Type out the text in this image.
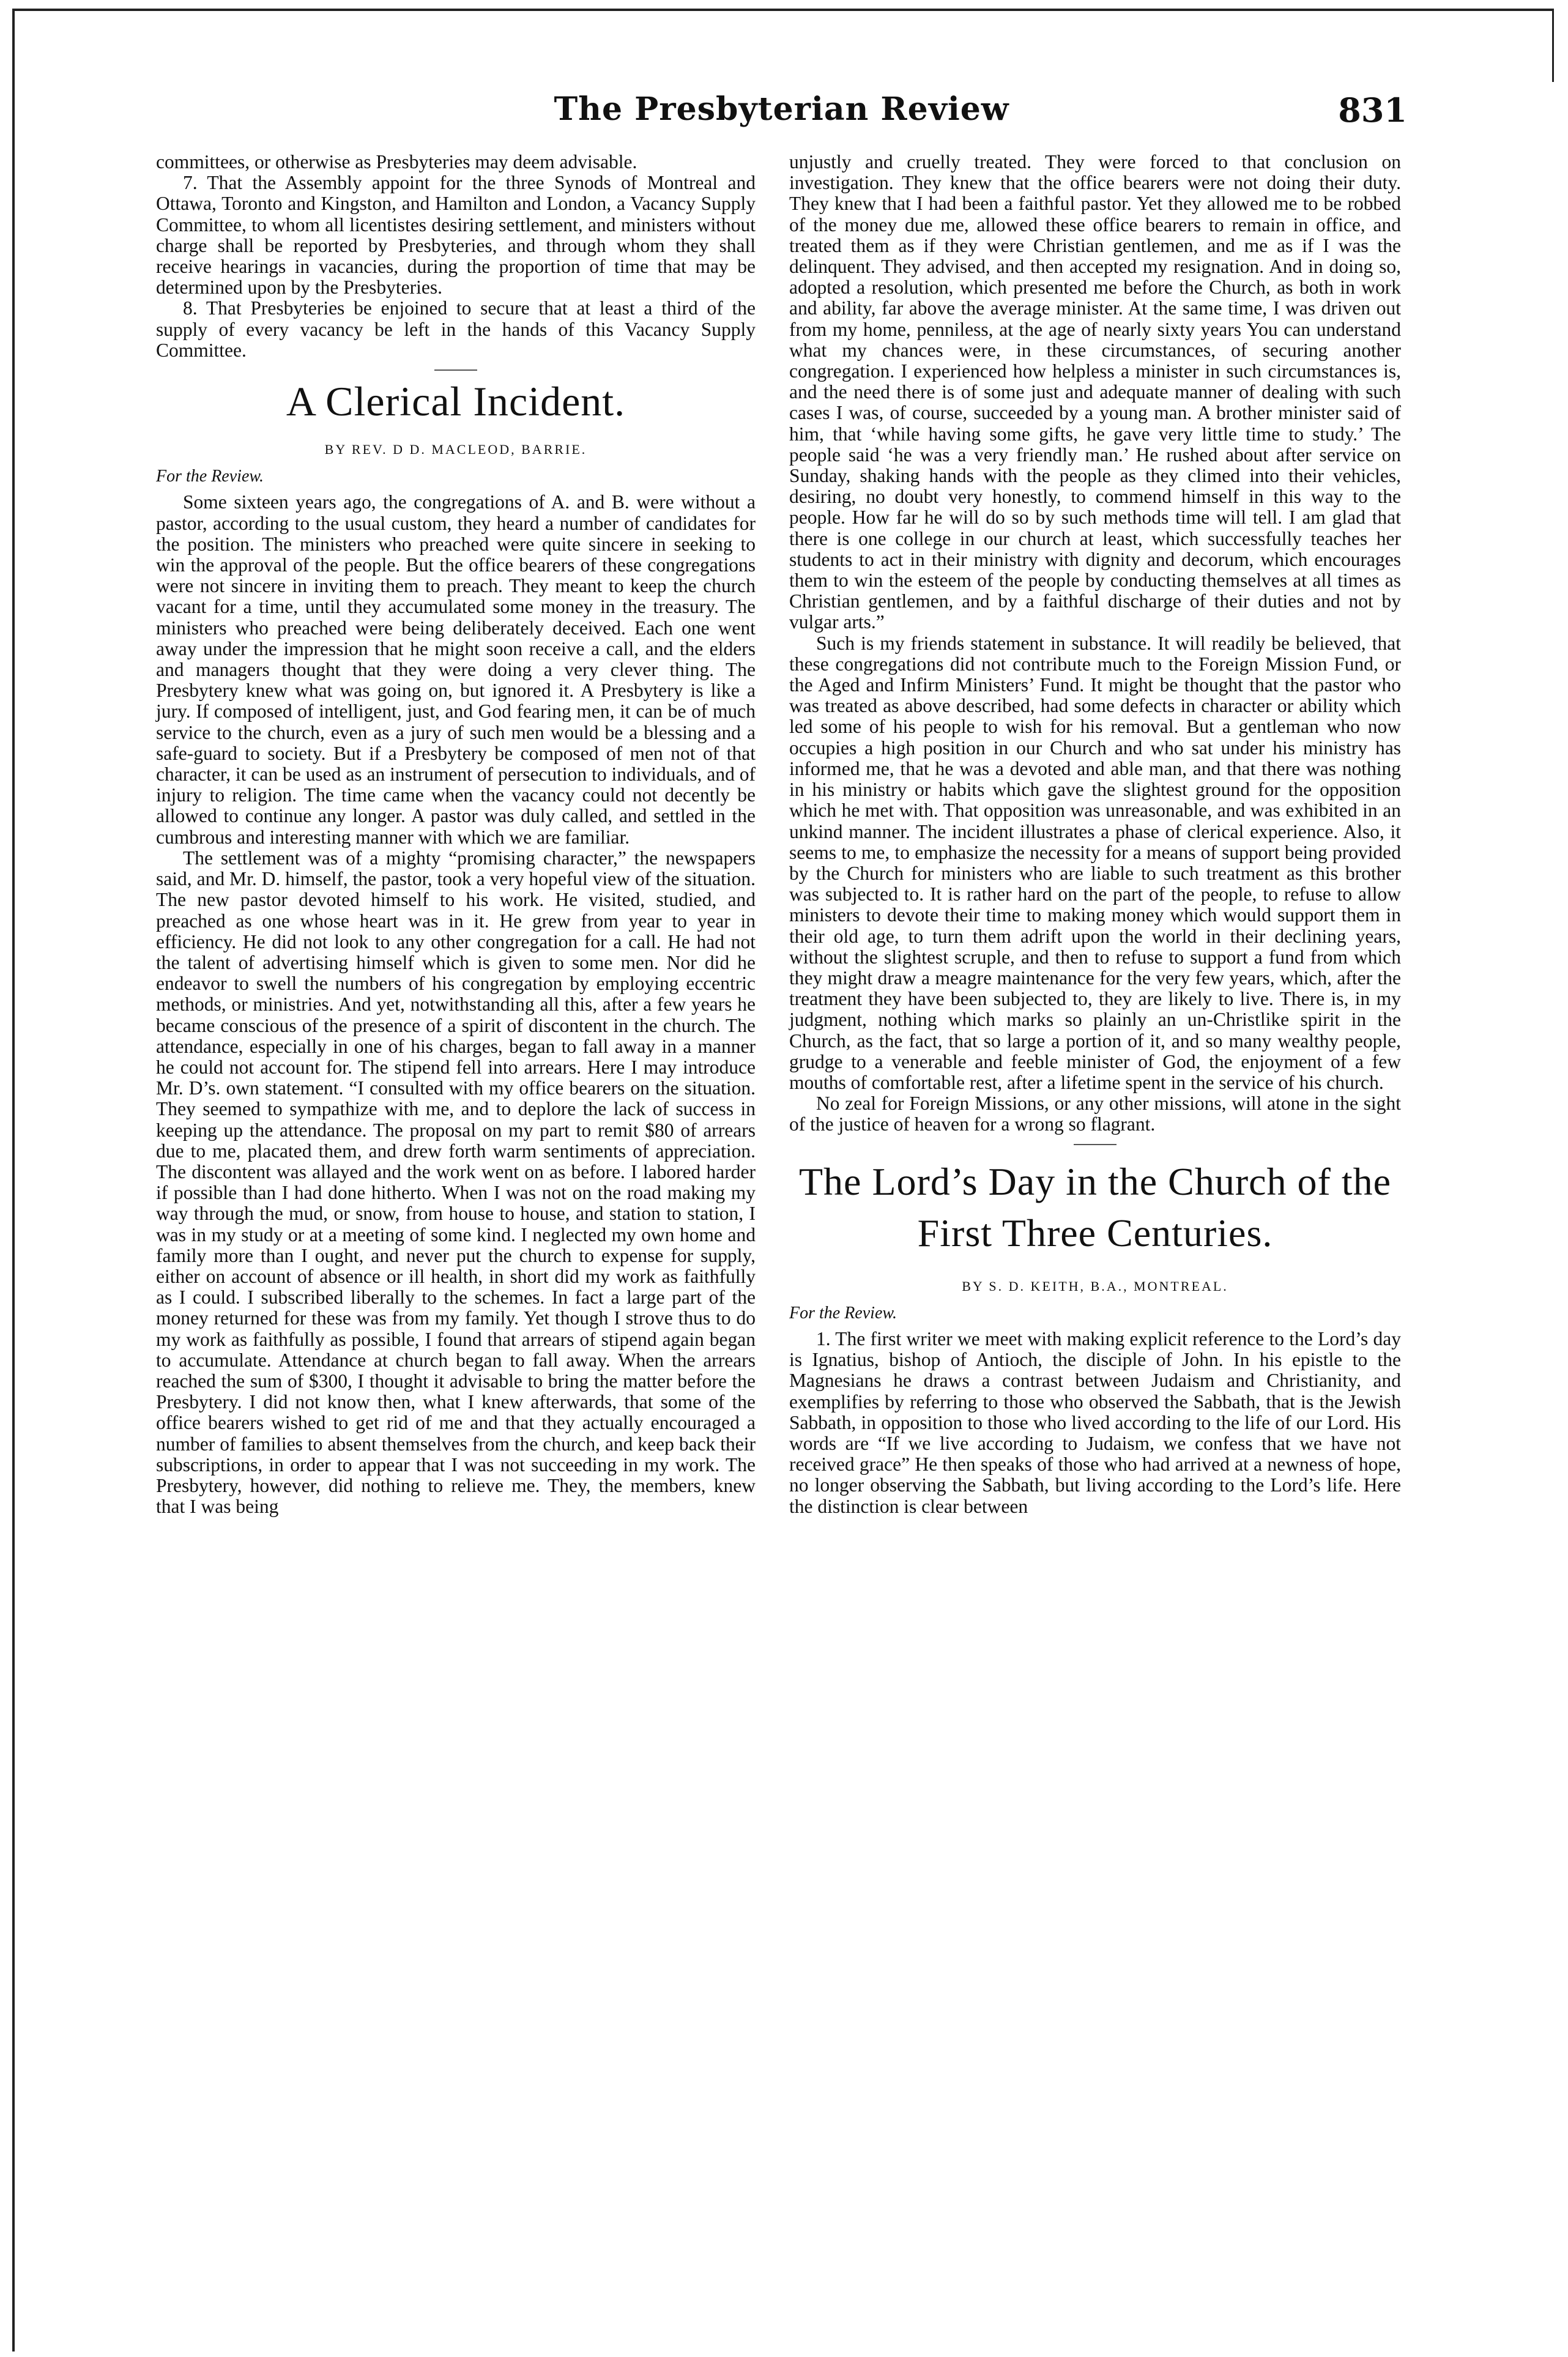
The Presbyterian Review	831

committees, or otherwise as Presbyteries may deem advisable.

7. That the Assembly appoint for the three Synods of Montreal and Ottawa, Toronto and Kingston, and Hamilton and London, a Vacancy Supply Committee, to whom all licentistes desiring settlement, and ministers without charge shall be reported by Presbyteries, and through whom they shall receive hearings in vacancies, during the proportion of time that may be determined upon by the Presbyteries.

8. That Presbyteries be enjoined to secure that at least a third of the supply of every vacancy be left in the hands of this Vacancy Supply Committee.

A Clerical Incident.
BY REV. D D. MACLEOD, BARRIE.
For the Review.

Some sixteen years ago, the congregations of A. and B. were without a pastor, according to the usual custom, they heard a number of candidates for the position. The ministers who preached were quite sincere in seeking to win the approval of the people. But the office bearers of these congregations were not sincere in inviting them to preach. They meant to keep the church vacant for a time, until they accumulated some money in the treasury. The ministers who preached were being deliberately deceived. Each one went away under the impression that he might soon receive a call, and the elders and managers thought that they were doing a very clever thing. The Presbytery knew what was going on, but ignored it. A Presbytery is like a jury. If composed of intelligent, just, and God fearing men, it can be of much service to the church, even as a jury of such men would be a blessing and a safe-guard to society. But if a Presbytery be composed of men not of that character, it can be used as an instrument of persecution to individuals, and of injury to religion. The time came when the vacancy could not decently be allowed to continue any longer. A pastor was duly called, and settled in the cumbrous and interesting manner with which we are familiar.

The settlement was of a mighty “promising character,” the newspapers said, and Mr. D. himself, the pastor, took a very hopeful view of the situation. The new pastor devoted himself to his work. He visited, studied, and preached as one whose heart was in it. He grew from year to year in efficiency. He did not look to any other congregation for a call. He had not the talent of advertising himself which is given to some men. Nor did he endeavor to swell the numbers of his congregation by employing eccentric methods, or ministries. And yet, notwithstanding all this, after a few years he became conscious of the presence of a spirit of discontent in the church. The attendance, especially in one of his charges, began to fall away in a manner he could not account for. The stipend fell into arrears. Here I may introduce Mr. D’s. own statement. “I consulted with my office bearers on the situation. They seemed to sympathize with me, and to deplore the lack of success in keeping up the attendance. The proposal on my part to remit $80 of arrears due to me, placated them, and drew forth warm sentiments of appreciation. The discontent was allayed and the work went on as before. I labored harder if possible than I had done hitherto. When I was not on the road making my way through the mud, or snow, from house to house, and station to station, I was in my study or at a meeting of some kind. I neglected my own home and family more than I ought, and never put the church to expense for supply, either on account of absence or ill health, in short did my work as faithfully as I could. I subscribed liberally to the schemes. In fact a large part of the money returned for these was from my family. Yet though I strove thus to do my work as faithfully as possible, I found that arrears of stipend again began to accumulate. Attendance at church began to fall away. When the arrears reached the sum of $300, I thought it advisable to bring the matter before the Presbytery. I did not know then, what I knew afterwards, that some of the office bearers wished to get rid of me and that they actually encouraged a number of families to absent themselves from the church, and keep back their subscriptions, in order to appear that I was not succeeding in my work. The Presbytery, however, did nothing to relieve me. They, the members, knew that I was being

unjustly and cruelly treated. They were forced to that conclusion on investigation. They knew that the office bearers were not doing their duty. They knew that I had been a faithful pastor. Yet they allowed me to be robbed of the money due me, allowed these office bearers to remain in office, and treated them as if they were Christian gentlemen, and me as if I was the delinquent. They advised, and then accepted my resignation. And in doing so, adopted a resolution, which presented me before the Church, as both in work and ability, far above the average minister. At the same time, I was driven out from my home, penniless, at the age of nearly sixty years You can understand what my chances were, in these circumstances, of securing another congregation. I experienced how helpless a minister in such circumstances is, and the need there is of some just and adequate manner of dealing with such cases I was, of course, succeeded by a young man. A brother minister said of him, that ‘while having some gifts, he gave very little time to study.’ The people said ‘he was a very friendly man.’ He rushed about after service on Sunday, shaking hands with the people as they climed into their vehicles, desiring, no doubt very honestly, to commend himself in this way to the people. How far he will do so by such methods time will tell. I am glad that there is one college in our church at least, which successfully teaches her students to act in their ministry with dignity and decorum, which encourages them to win the esteem of the people by conducting themselves at all times as Christian gentlemen, and by a faithful discharge of their duties and not by vulgar arts.”

Such is my friends statement in substance. It will readily be believed, that these congregations did not contribute much to the Foreign Mission Fund, or the Aged and Infirm Ministers’ Fund. It might be thought that the pastor who was treated as above described, had some defects in character or ability which led some of his people to wish for his removal. But a gentleman who now occupies a high position in our Church and who sat under his ministry has informed me, that he was a devoted and able man, and that there was nothing in his ministry or habits which gave the slightest ground for the opposition which he met with. That opposition was unreasonable, and was exhibited in an unkind manner. The incident illustrates a phase of clerical experience. Also, it seems to me, to emphasize the necessity for a means of support being provided by the Church for ministers who are liable to such treatment as this brother was subjected to. It is rather hard on the part of the people, to refuse to allow ministers to devote their time to making money which would support them in their old age, to turn them adrift upon the world in their declining years, without the slightest scruple, and then to refuse to support a fund from which they might draw a meagre maintenance for the very few years, which, after the treatment they have been subjected to, they are likely to live. There is, in my judgment, nothing which marks so plainly an un-Christlike spirit in the Church, as the fact, that so large a portion of it, and so many wealthy people, grudge to a venerable and feeble minister of God, the enjoyment of a few mouths of comfortable rest, after a lifetime spent in the service of his church.

No zeal for Foreign Missions, or any other missions, will atone in the sight of the justice of heaven for a wrong so flagrant.

The Lord’s Day in the Church of the First Three Centuries.
BY S. D. KEITH, B.A., MONTREAL.
For the Review.

1. The first writer we meet with making explicit reference to the Lord’s day is Ignatius, bishop of Antioch, the disciple of John. In his epistle to the Magnesians he draws a contrast between Judaism and Christianity, and exemplifies by referring to those who observed the Sabbath, that is the Jewish Sabbath, in opposition to those who lived according to the life of our Lord. His words are “If we live according to Judaism, we confess that we have not received grace” He then speaks of those who had arrived at a newness of hope, no longer observing the Sabbath, but living according to the Lord’s life. Here the distinction is clear between
